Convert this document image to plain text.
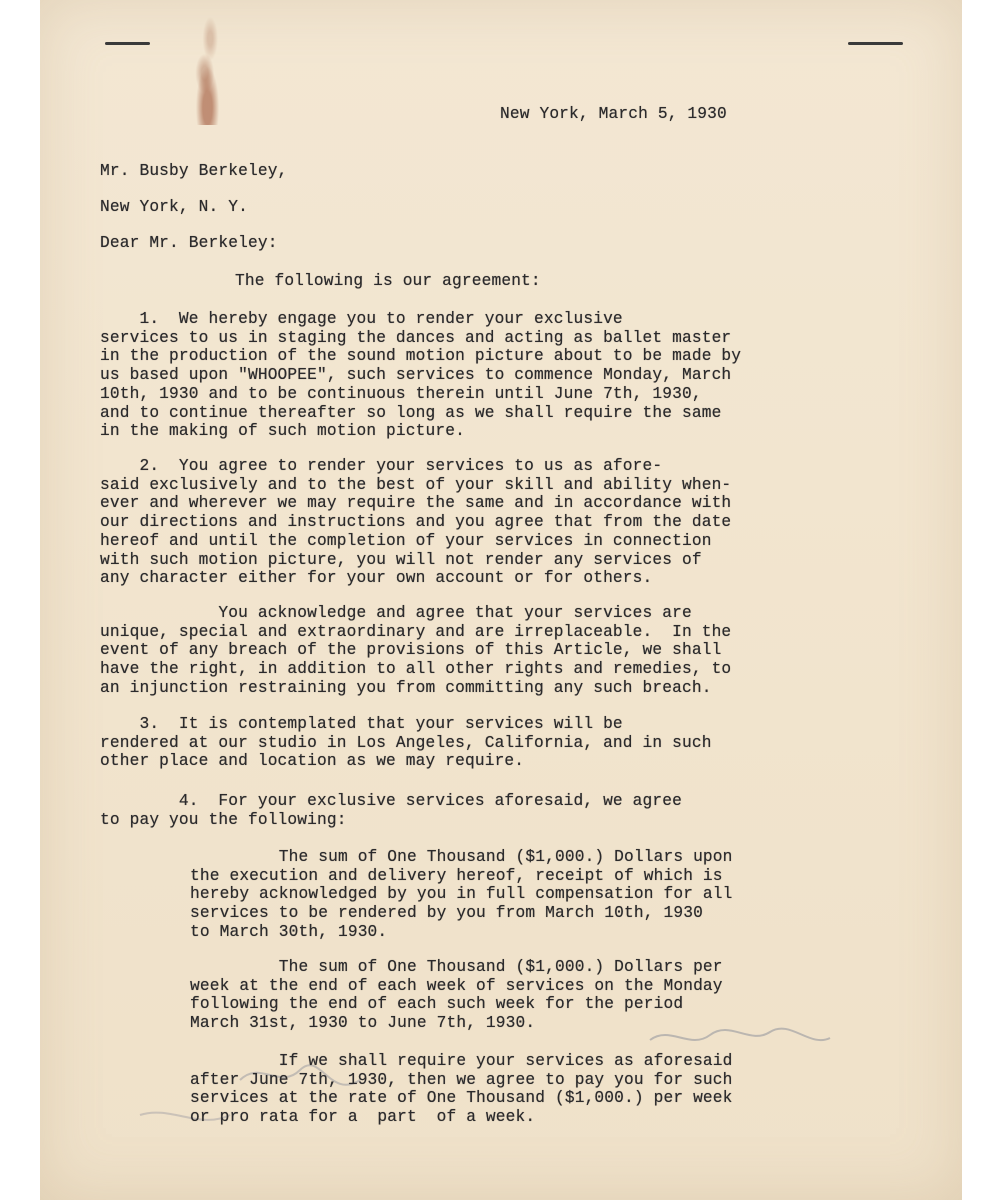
New York, March 5, 1930
Mr. Busby Berkeley,
New York, N. Y.
Dear Mr. Berkeley:
The following is our agreement:
1.  We hereby engage you to render your exclusive
services to us in staging the dances and acting as ballet master
in the production of the sound motion picture about to be made by
us based upon "WHOOPEE", such services to commence Monday, March
10th, 1930 and to be continuous therein until June 7th, 1930,
and to continue thereafter so long as we shall require the same
in the making of such motion picture.
2.  You agree to render your services to us as afore-
said exclusively and to the best of your skill and ability when-
ever and wherever we may require the same and in accordance with
our directions and instructions and you agree that from the date
hereof and until the completion of your services in connection
with such motion picture, you will not render any services of
any character either for your own account or for others.
You acknowledge and agree that your services are
unique, special and extraordinary and are irreplaceable.  In the
event of any breach of the provisions of this Article, we shall
have the right, in addition to all other rights and remedies, to
an injunction restraining you from committing any such breach.
3.  It is contemplated that your services will be
rendered at our studio in Los Angeles, California, and in such
other place and location as we may require.
4.  For your exclusive services aforesaid, we agree
to pay you the following:
The sum of One Thousand ($1,000.) Dollars upon
the execution and delivery hereof, receipt of which is
hereby acknowledged by you in full compensation for all
services to be rendered by you from March 10th, 1930
to March 30th, 1930.
The sum of One Thousand ($1,000.) Dollars per
week at the end of each week of services on the Monday
following the end of each such week for the period
March 31st, 1930 to June 7th, 1930.
If we shall require your services as aforesaid
after June 7th, 1930, then we agree to pay you for such
services at the rate of One Thousand ($1,000.) per week
or pro rata for a  part  of a week.
